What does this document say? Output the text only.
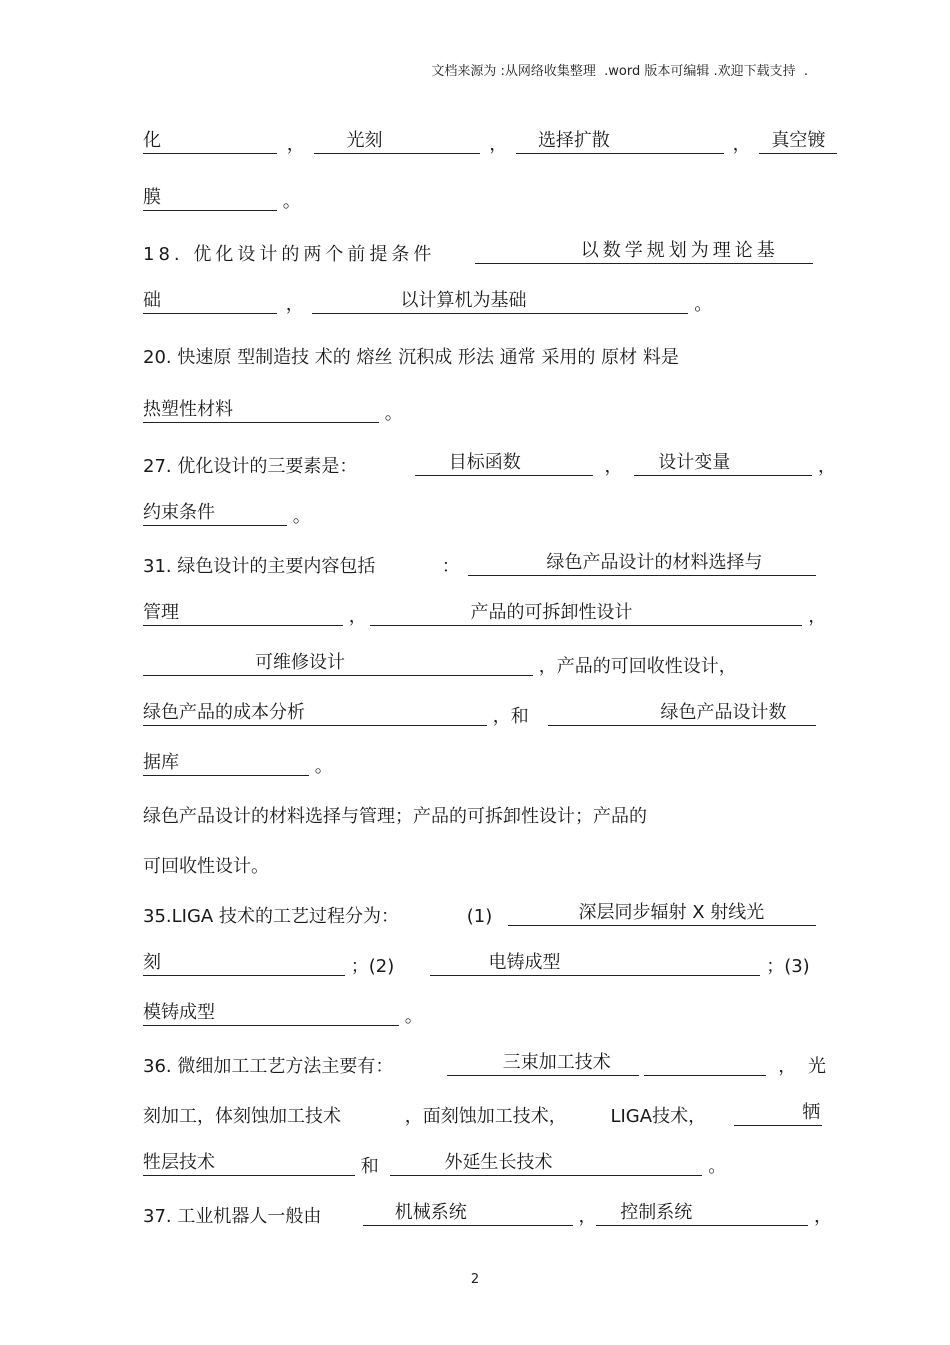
文档来源为 :从网络收集整理  .word 版本可编辑 .欢迎下载支持  .
化	， 光刻	， 选择扩散	， 真空镀
膜	。
18. 优化设计的两个前提条件	以数学规划为理论基
础	，	以计算机为基础	。
20. 快速原 型制造技 术的 熔丝 沉积成 形法 通常 采用的 原材 料是
热塑性材料	。
27. 优化设计的三要素是：	目标函数	， 设计变量	，
约束条件	。
31. 绿色设计的主要内容包括	：	绿色产品设计的材料选择与
管理	，	产品的可拆卸性设计	，
可维修设计	，产品的可回收性设计，
绿色产品的成本分析	，和	绿色产品设计数
据库	。
绿色产品设计的材料选择与管理；产品的可拆卸性设计；产品的
可回收性设计。
35.LIGA 技术的工艺过程分为：	(1)	深层同步辐射 X 射线光
刻	；(2)	电铸成型	；(3)
模铸成型	。
36. 微细加工工艺方法主要有：	三束加工技术	， 光
刻加工，体刻蚀加工技术	，面刻蚀加工技术， LIGA技术，	牺
牲层技术	和	外延生长技术	。
37. 工业机器人一般由	机械系统	， 控制系统	，
2
